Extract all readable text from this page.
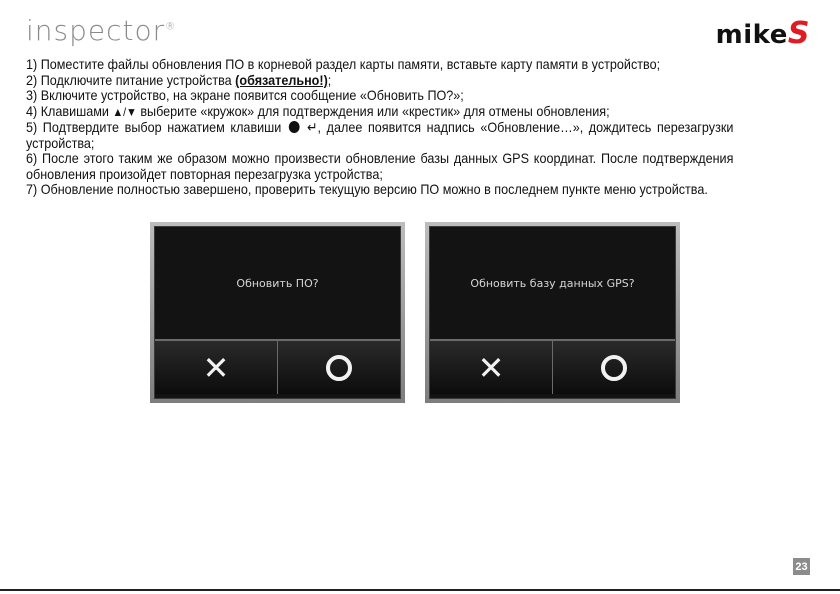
inspector®	mikeS
1) Поместите файлы обновления ПО в корневой раздел карты памяти, вставьте карту памяти в устройство;
2) Подключите питание устройства (обязательно!);
3) Включите устройство, на экране появится сообщение «Обновить ПО?»;
4) Клавишами ▲/▼ выберите «кружок» для подтверждения или «крестик» для отмены обновления;
5) Подтвердите выбор нажатием клавиши  ↵, далее появится надпись «Обновление…», дождитесь перезагрузки
устройства;
6) После этого таким же образом можно произвести обновление базы данных GPS координат. После подтверждения
обновления произойдет повторная перезагрузка устройства;
7) Обновление полностью завершено, проверить текущую версию ПО можно в последнем пункте меню устройства.
Обновить ПО?
✕
Обновить базу данных GPS?
✕
23
